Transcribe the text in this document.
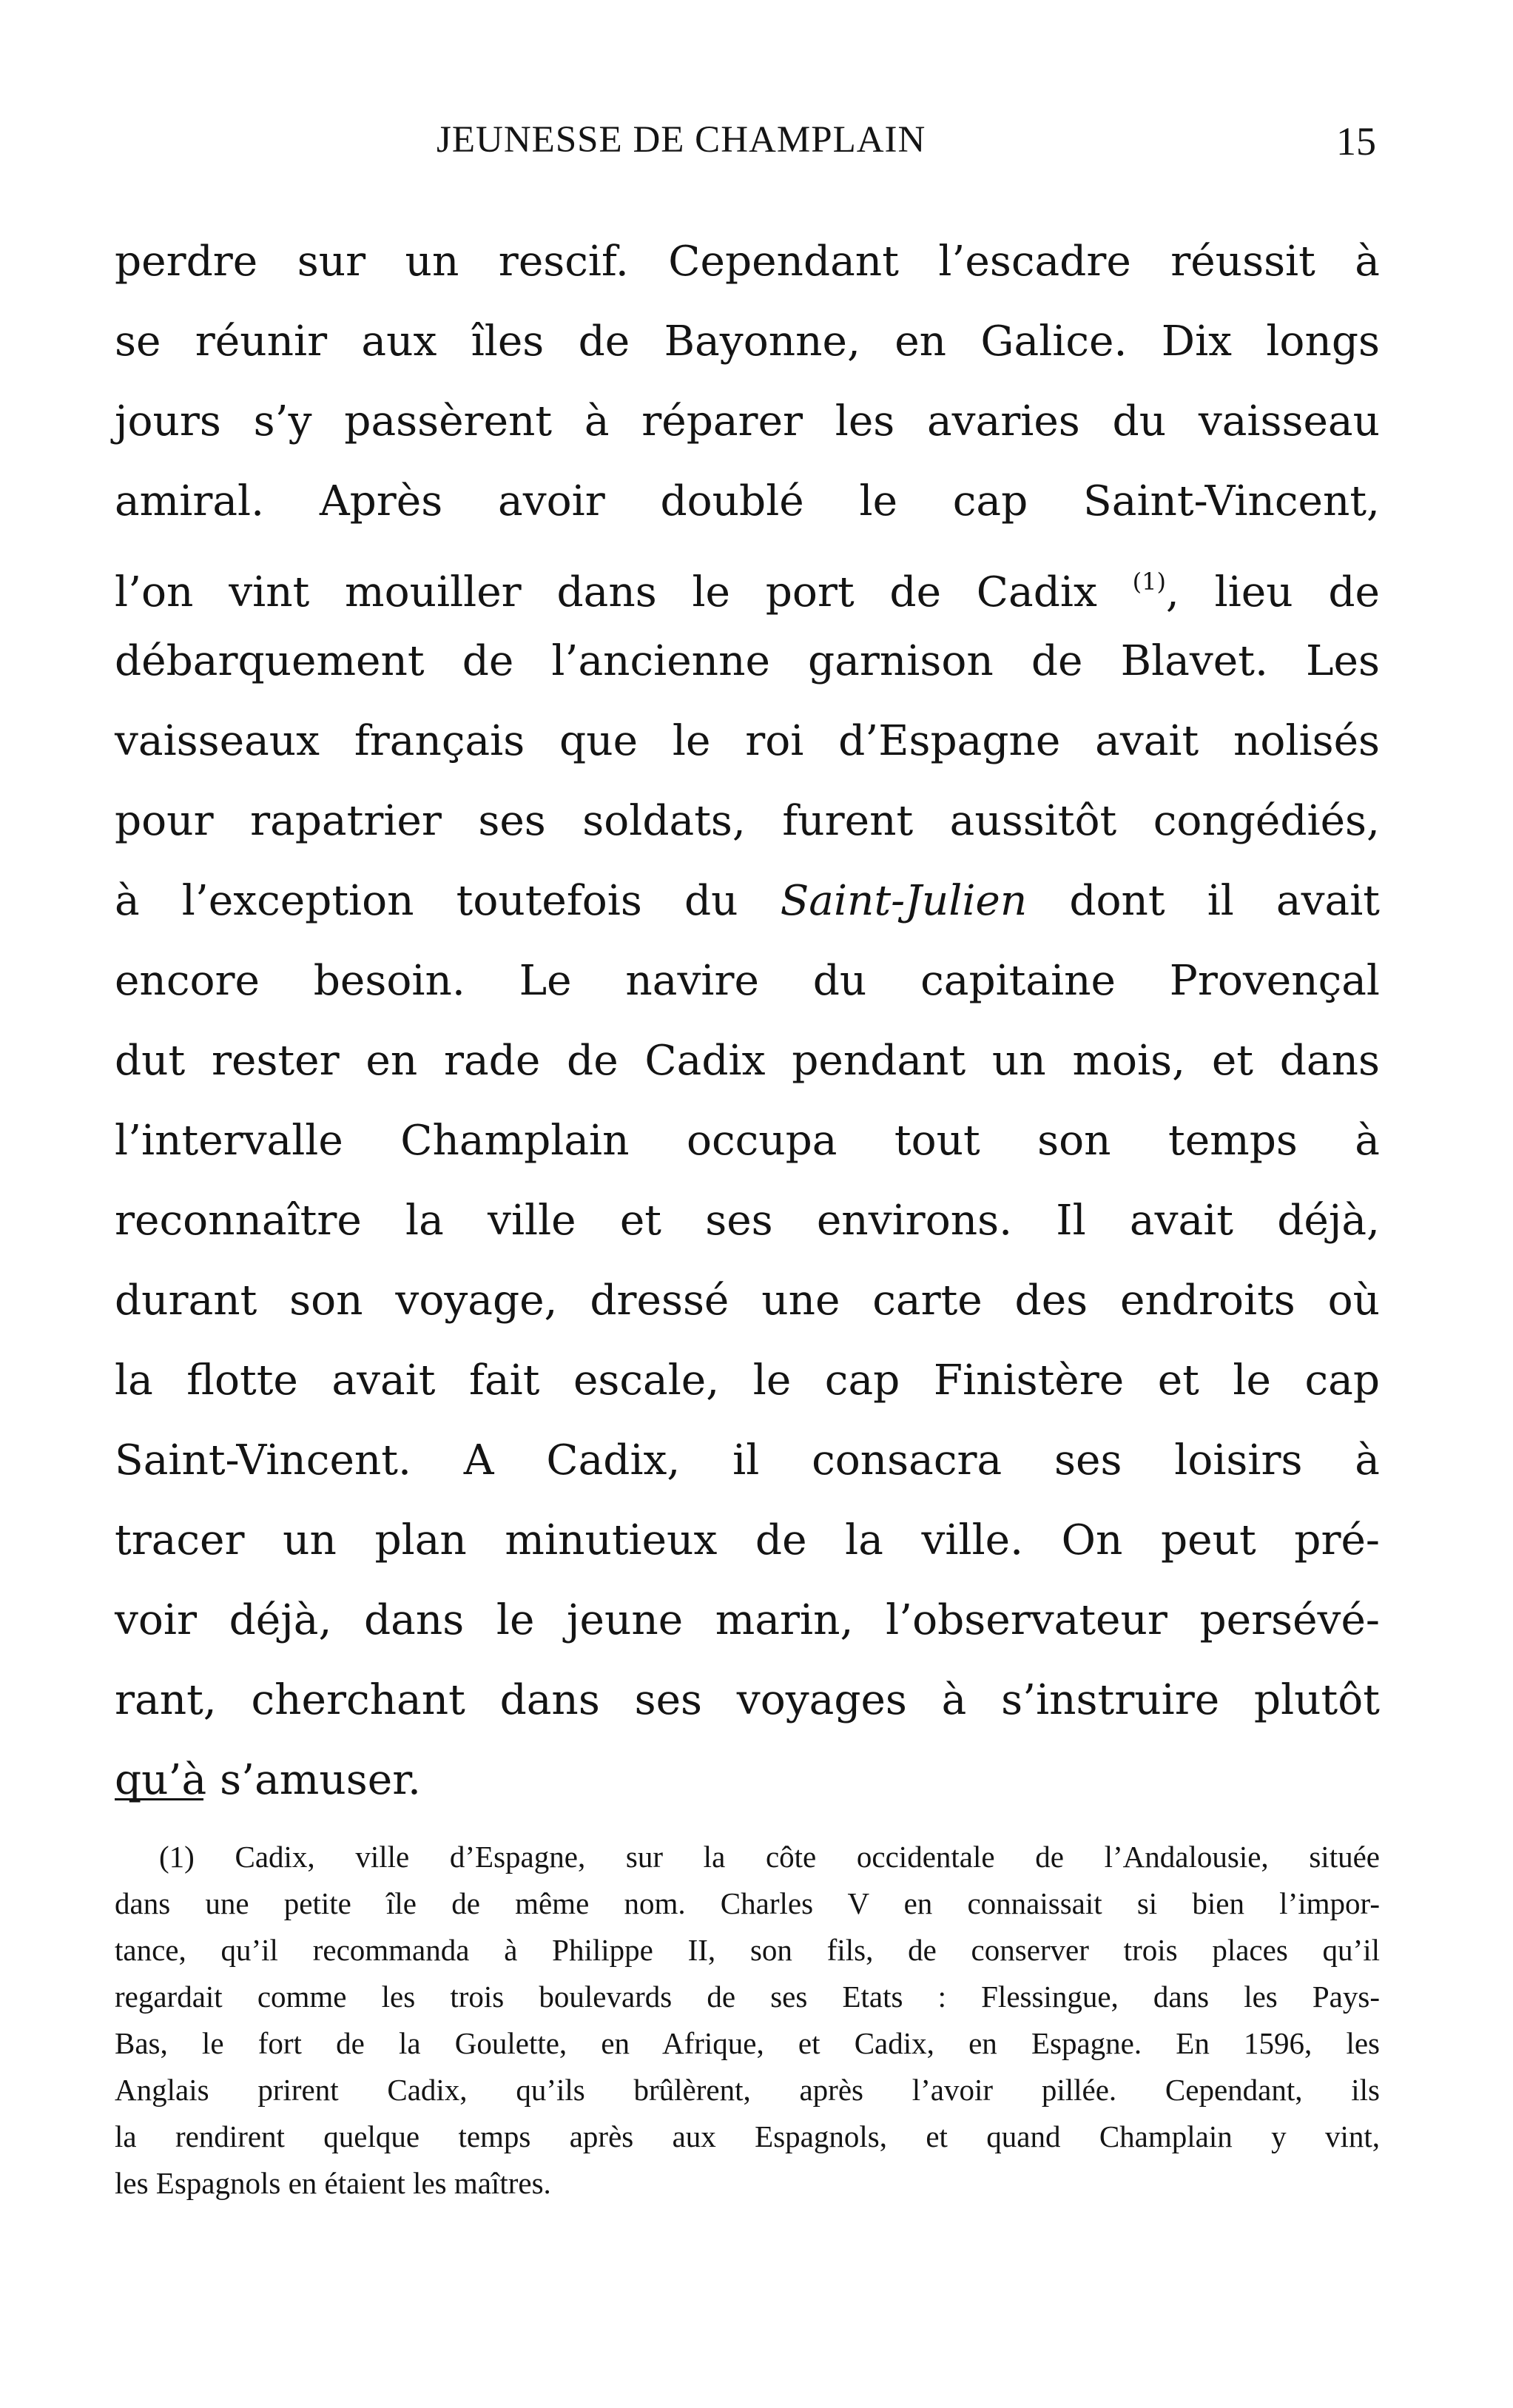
JEUNESSE DE CHAMPLAIN	15
perdre sur un rescif. Cependant l’escadre réussit à
se réunir aux îles de Bayonne, en Galice. Dix longs
jours s’y passèrent à réparer les avaries du vaisseau
amiral. Après avoir doublé le cap Saint-Vincent,
l’on vint mouiller dans le port de Cadix $^{(1)}$, lieu de
débarquement de l’ancienne garnison de Blavet. Les
vaisseaux français que le roi d’Espagne avait nolisés
pour rapatrier ses soldats, furent aussitôt congédiés,
à l’exception toutefois du Saint-Julien dont il avait
encore besoin. Le navire du capitaine Provençal
dut rester en rade de Cadix pendant un mois, et dans
l’intervalle Champlain occupa tout son temps à
reconnaître la ville et ses environs. Il avait déjà,
durant son voyage, dressé une carte des endroits où
la flotte avait fait escale, le cap Finistère et le cap
Saint-Vincent. A Cadix, il consacra ses loisirs à
tracer un plan minutieux de la ville. On peut pré-
voir déjà, dans le jeune marin, l’observateur persévé-
rant, cherchant dans ses voyages à s’instruire plutôt
qu’à s’amuser.
(1) Cadix, ville d’Espagne, sur la côte occidentale de l’Andalousie, située
dans une petite île de même nom. Charles V en connaissait si bien l’impor-
tance, qu’il recommanda à Philippe II, son fils, de conserver trois places qu’il
regardait comme les trois boulevards de ses Etats : Flessingue, dans les Pays-
Bas, le fort de la Goulette, en Afrique, et Cadix, en Espagne. En 1596, les
Anglais prirent Cadix, qu’ils brûlèrent, après l’avoir pillée. Cependant, ils
la rendirent quelque temps après aux Espagnols, et quand Champlain y vint,
les Espagnols en étaient les maîtres.
